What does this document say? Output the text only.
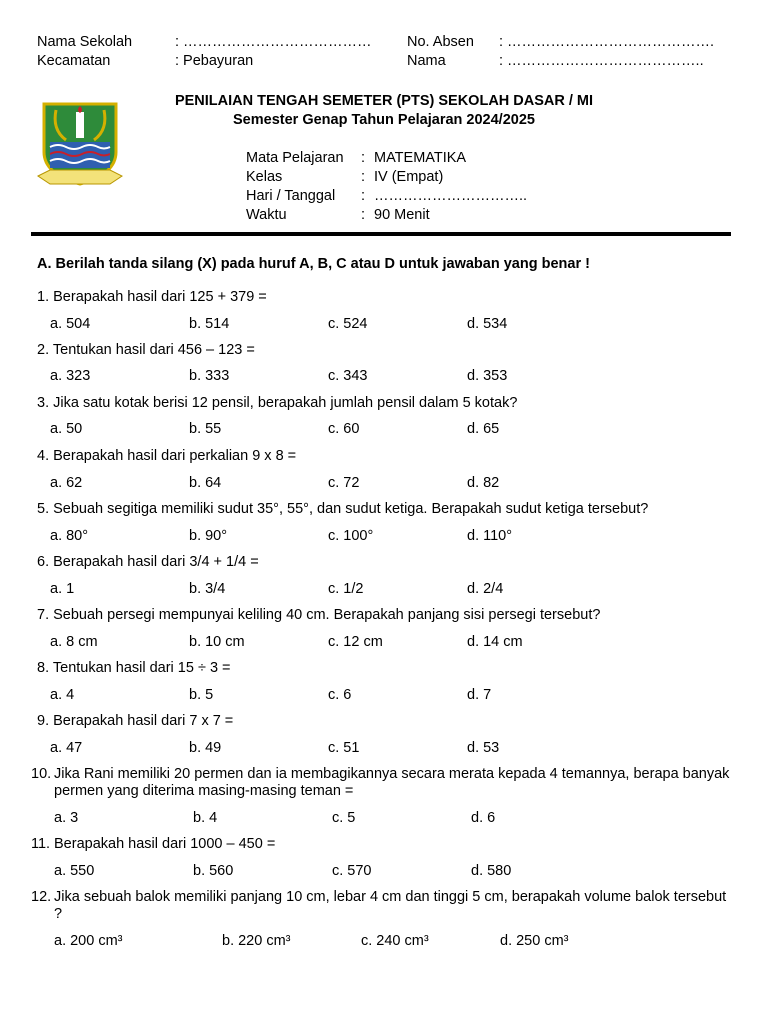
Nama Sekolah	: …………………………………	No. Absen	: …………………………………….
Kecamatan	: Pebayuran	Nama	: …………………………………..
PENILAIAN TENGAH SEMETER (PTS) SEKOLAH DASAR / MI
Semester Genap Tahun Pelajaran 2024/2025
Mata Pelajaran	: MATEMATIKA
Kelas	: IV (Empat)
Hari / Tanggal	: …………………………..
Waktu	: 90 Menit
A. Berilah tanda silang (X) pada huruf A, B, C atau D untuk jawaban yang benar !
1. Berapakah hasil dari 125 + 379 =
a. 504	b. 514	c. 524	d. 534
2. Tentukan hasil dari 456 – 123 =
a. 323	b. 333	c. 343	d. 353
3. Jika satu kotak berisi 12 pensil, berapakah jumlah pensil dalam 5 kotak?
a. 50	b. 55	c. 60	d. 65
4. Berapakah hasil dari perkalian 9 x 8 =
a. 62	b. 64	c. 72	d. 82
5. Sebuah segitiga memiliki sudut 35°, 55°, dan sudut ketiga. Berapakah sudut ketiga tersebut?
a. 80°	b. 90°	c. 100°	d. 110°
6. Berapakah hasil dari 3/4 + 1/4 =
a. 1	b. 3/4	c. 1/2	d. 2/4
7. Sebuah persegi mempunyai keliling 40 cm. Berapakah panjang sisi persegi tersebut?
a. 8 cm	b. 10 cm	c. 12 cm	d. 14 cm
8. Tentukan hasil dari 15 ÷ 3 =
a. 4	b. 5	c. 6	d. 7
9. Berapakah hasil dari 7 x 7 =
a. 47	b. 49	c. 51	d. 53
10. Jika Rani memiliki 20 permen dan ia membagikannya secara merata kepada 4 temannya, berapa banyak permen yang diterima masing-masing teman =
a. 3	b. 4	c. 5	d. 6
11. Berapakah hasil dari 1000 – 450 =
a. 550	b. 560	c. 570	d. 580
12. Jika sebuah balok memiliki panjang 10 cm, lebar 4 cm dan tinggi 5 cm, berapakah volume balok tersebut ?
a. 200 cm³	b. 220 cm³	c. 240 cm³	d. 250 cm³
